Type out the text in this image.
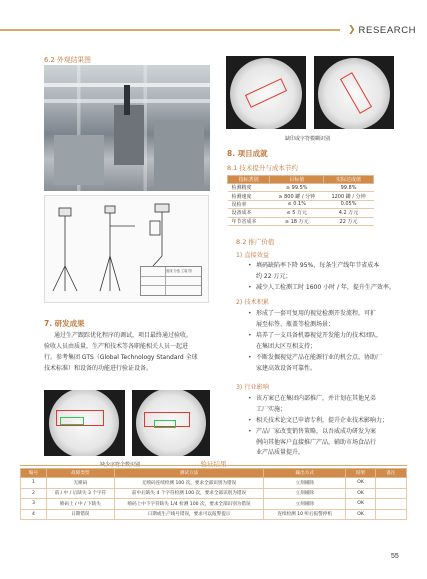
❯ RESEARCH
6.2 外观结果图
组线 分选 工装 图
7. 研发成果
通过生产跟踪优化程序的调试，项目最终通过验收。
验收人员由质量，生产和技术等各职能相关人员一起进
行。参考集团 GTS（Global Technology Standard 全球
技术标准）和设备的功能进行验证设备。
缺少字符个数识别
缺印或字符模糊识别
8. 项目成就
8.1 技术提升与成本节约
指标类别	目标值	实际达成值
检测精度	≥ 99.5%	99.8%
检测速度	≥ 800 罐 / 分钟	1200 罐 / 分钟
误检率	≤ 0.1%	0.05%
设备成本	≤ 5 万元	4.2 万元
年节省成本	≥ 18 万元	22 万元
8.2 推广价值
1) 直接效益
• 填码缺陷率下降 95%，每条生产线年节省成本
约 22 万元；
• 减少人工检测工时 1600 小时 / 年，提升生产效率。
2) 技术积累
• 形成了一套可复用的视觉检测开发流程，可扩
展至标签、瓶盖等检测场景；
• 培养了一支具备机器视觉开发能力的技术团队，
在集团大区互相支持；
• 不断发掘视觉产品在能源行业的机会点，协助厂
家建高效设备可靠性。
3) 行业影响
• 该方案已在集团内部推广，并计划在其他兄弟
工厂实施；
• 相关技术论文已申请专利，提升企业技术影响力；
• 产品厂家改变销售策略，以吾威成功研发为案
例向其他客户直接推广产品，辅助市场食品行
业产品质量提升。
验证结果
编号	故障类型	测试方法	输出方式	结果	备注
1	无喷码	无喷码连续检测 100 次，要求全部识别为错误	立刻剔除	OK	
2	前 / 中 / 后缺失 3 个字符	前中后缺失 4 个字符检测 100 次，要求全部识别为错误	立刻剔除	OK	
3	喷码上 / 中 / 下缺失	喷码上中下字符缺失 1/4 检测 100 次，要求全部识别为错误	立刻剔除	OK	
4	日期错误	日期或生产线号错误，要求可以报警提示	连续检测 10 听后报警停机	OK	
55
